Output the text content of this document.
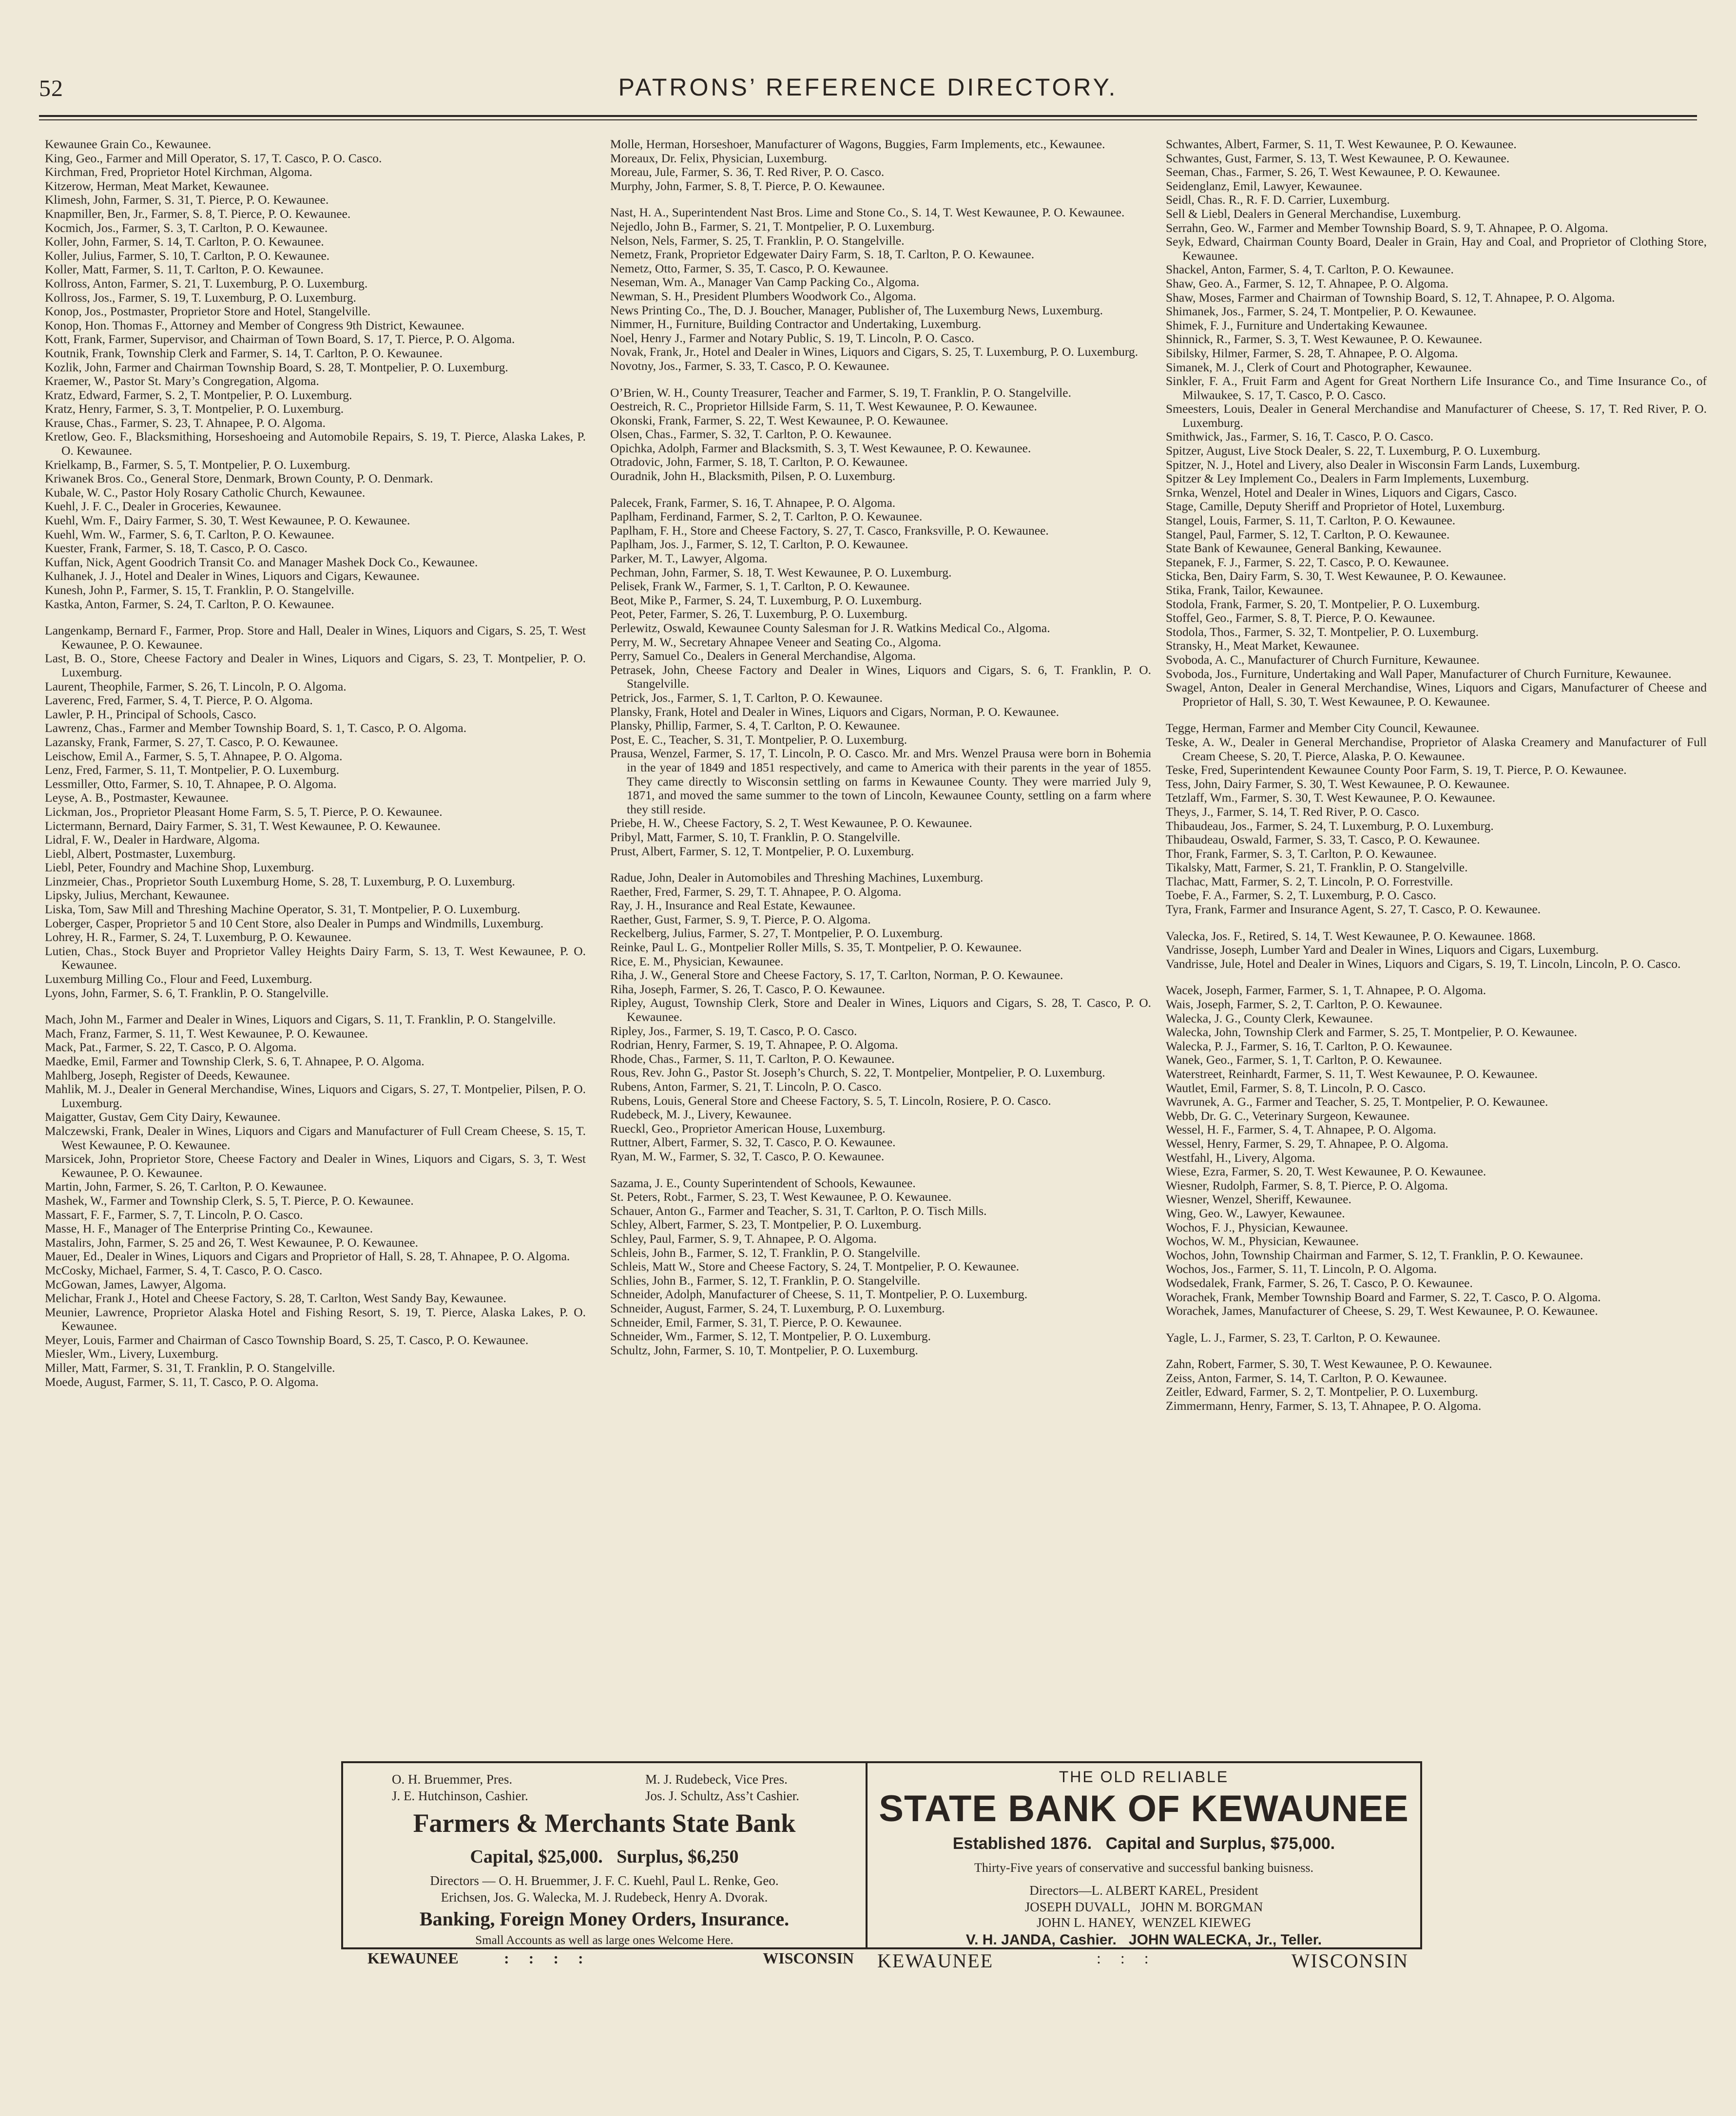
52	PATRONS’ REFERENCE DIRECTORY.
Kewaunee Grain Co., Kewaunee.
King, Geo., Farmer and Mill Operator, S. 17, T. Casco, P. O. Casco.
Kirchman, Fred, Proprietor Hotel Kirchman, Algoma.
Kitzerow, Herman, Meat Market, Kewaunee.
Klimesh, John, Farmer, S. 31, T. Pierce, P. O. Kewaunee.
Knapmiller, Ben, Jr., Farmer, S. 8, T. Pierce, P. O. Kewaunee.
Kocmich, Jos., Farmer, S. 3, T. Carlton, P. O. Kewaunee.
Koller, John, Farmer, S. 14, T. Carlton, P. O. Kewaunee.
Koller, Julius, Farmer, S. 10, T. Carlton, P. O. Kewaunee.
Koller, Matt, Farmer, S. 11, T. Carlton, P. O. Kewaunee.
Kollross, Anton, Farmer, S. 21, T. Luxemburg, P. O. Luxemburg.
Kollross, Jos., Farmer, S. 19, T. Luxemburg, P. O. Luxemburg.
Konop, Jos., Postmaster, Proprietor Store and Hotel, Stangelville.
Konop, Hon. Thomas F., Attorney and Member of Congress 9th District, Kewaunee.
Kott, Frank, Farmer, Supervisor, and Chairman of Town Board, S. 17, T. Pierce, P. O. Algoma.
Koutnik, Frank, Township Clerk and Farmer, S. 14, T. Carlton, P. O. Kewaunee.
Kozlik, John, Farmer and Chairman Township Board, S. 28, T. Montpelier, P. O. Luxemburg.
Kraemer, W., Pastor St. Mary’s Congregation, Algoma.
Kratz, Edward, Farmer, S. 2, T. Montpelier, P. O. Luxemburg.
Kratz, Henry, Farmer, S. 3, T. Montpelier, P. O. Luxemburg.
Krause, Chas., Farmer, S. 23, T. Ahnapee, P. O. Algoma.
Kretlow, Geo. F., Blacksmithing, Horseshoeing and Automobile Repairs, S. 19, T. Pierce, Alaska Lakes, P. O. Kewaunee.
Krielkamp, B., Farmer, S. 5, T. Montpelier, P. O. Luxemburg.
Kriwanek Bros. Co., General Store, Denmark, Brown County, P. O. Denmark.
Kubale, W. C., Pastor Holy Rosary Catholic Church, Kewaunee.
Kuehl, J. F. C., Dealer in Groceries, Kewaunee.
Kuehl, Wm. F., Dairy Farmer, S. 30, T. West Kewaunee, P. O. Kewaunee.
Kuehl, Wm. W., Farmer, S. 6, T. Carlton, P. O. Kewaunee.
Kuester, Frank, Farmer, S. 18, T. Casco, P. O. Casco.
Kuffan, Nick, Agent Goodrich Transit Co. and Manager Mashek Dock Co., Kewaunee.
Kulhanek, J. J., Hotel and Dealer in Wines, Liquors and Cigars, Kewaunee.
Kunesh, John P., Farmer, S. 15, T. Franklin, P. O. Stangelville.
Kastka, Anton, Farmer, S. 24, T. Carlton, P. O. Kewaunee.
Langenkamp, Bernard F., Farmer, Prop. Store and Hall, Dealer in Wines, Liquors and Cigars, S. 25, T. West Kewaunee, P. O. Kewaunee.
Last, B. O., Store, Cheese Factory and Dealer in Wines, Liquors and Cigars, S. 23, T. Montpelier, P. O. Luxemburg.
Laurent, Theophile, Farmer, S. 26, T. Lincoln, P. O. Algoma.
Laverenc, Fred, Farmer, S. 4, T. Pierce, P. O. Algoma.
Lawler, P. H., Principal of Schools, Casco.
Lawrenz, Chas., Farmer and Member Township Board, S. 1, T. Casco, P. O. Algoma.
Lazansky, Frank, Farmer, S. 27, T. Casco, P. O. Kewaunee.
Leischow, Emil A., Farmer, S. 5, T. Ahnapee, P. O. Algoma.
Lenz, Fred, Farmer, S. 11, T. Montpelier, P. O. Luxemburg.
Lessmiller, Otto, Farmer, S. 10, T. Ahnapee, P. O. Algoma.
Leyse, A. B., Postmaster, Kewaunee.
Lickman, Jos., Proprietor Pleasant Home Farm, S. 5, T. Pierce, P. O. Kewaunee.
Lictermann, Bernard, Dairy Farmer, S. 31, T. West Kewaunee, P. O. Kewaunee.
Lidral, F. W., Dealer in Hardware, Algoma.
Liebl, Albert, Postmaster, Luxemburg.
Liebl, Peter, Foundry and Machine Shop, Luxemburg.
Linzmeier, Chas., Proprietor South Luxemburg Home, S. 28, T. Luxemburg, P. O. Luxemburg.
Lipsky, Julius, Merchant, Kewaunee.
Liska, Tom, Saw Mill and Threshing Machine Operator, S. 31, T. Montpelier, P. O. Luxemburg.
Loberger, Casper, Proprietor 5 and 10 Cent Store, also Dealer in Pumps and Windmills, Luxemburg.
Lohrey, H. R., Farmer, S. 24, T. Luxemburg, P. O. Kewaunee.
Lutien, Chas., Stock Buyer and Proprietor Valley Heights Dairy Farm, S. 13, T. West Kewaunee, P. O. Kewaunee.
Luxemburg Milling Co., Flour and Feed, Luxemburg.
Lyons, John, Farmer, S. 6, T. Franklin, P. O. Stangelville.
Mach, John M., Farmer and Dealer in Wines, Liquors and Cigars, S. 11, T. Franklin, P. O. Stangelville.
Mach, Franz, Farmer, S. 11, T. West Kewaunee, P. O. Kewaunee.
Mack, Pat., Farmer, S. 22, T. Casco, P. O. Algoma.
Maedke, Emil, Farmer and Township Clerk, S. 6, T. Ahnapee, P. O. Algoma.
Mahlberg, Joseph, Register of Deeds, Kewaunee.
Mahlik, M. J., Dealer in General Merchandise, Wines, Liquors and Cigars, S. 27, T. Montpelier, Pilsen, P. O. Luxemburg.
Maigatter, Gustav, Gem City Dairy, Kewaunee.
Malczewski, Frank, Dealer in Wines, Liquors and Cigars and Manufacturer of Full Cream Cheese, S. 15, T. West Kewaunee, P. O. Kewaunee.
Marsicek, John, Proprietor Store, Cheese Factory and Dealer in Wines, Liquors and Cigars, S. 3, T. West Kewaunee, P. O. Kewaunee.
Martin, John, Farmer, S. 26, T. Carlton, P. O. Kewaunee.
Mashek, W., Farmer and Township Clerk, S. 5, T. Pierce, P. O. Kewaunee.
Massart, F. F., Farmer, S. 7, T. Lincoln, P. O. Casco.
Masse, H. F., Manager of The Enterprise Printing Co., Kewaunee.
Mastalirs, John, Farmer, S. 25 and 26, T. West Kewaunee, P. O. Kewaunee.
Mauer, Ed., Dealer in Wines, Liquors and Cigars and Proprietor of Hall, S. 28, T. Ahnapee, P. O. Algoma.
McCosky, Michael, Farmer, S. 4, T. Casco, P. O. Casco.
McGowan, James, Lawyer, Algoma.
Melichar, Frank J., Hotel and Cheese Factory, S. 28, T. Carlton, West Sandy Bay, Kewaunee.
Meunier, Lawrence, Proprietor Alaska Hotel and Fishing Resort, S. 19, T. Pierce, Alaska Lakes, P. O. Kewaunee.
Meyer, Louis, Farmer and Chairman of Casco Township Board, S. 25, T. Casco, P. O. Kewaunee.
Miesler, Wm., Livery, Luxemburg.
Miller, Matt, Farmer, S. 31, T. Franklin, P. O. Stangelville.
Moede, August, Farmer, S. 11, T. Casco, P. O. Algoma.
Molle, Herman, Horseshoer, Manufacturer of Wagons, Buggies, Farm Implements, etc., Kewaunee.
Moreaux, Dr. Felix, Physician, Luxemburg.
Moreau, Jule, Farmer, S. 36, T. Red River, P. O. Casco.
Murphy, John, Farmer, S. 8, T. Pierce, P. O. Kewaunee.
Nast, H. A., Superintendent Nast Bros. Lime and Stone Co., S. 14, T. West Kewaunee, P. O. Kewaunee.
Nejedlo, John B., Farmer, S. 21, T. Montpelier, P. O. Luxemburg.
Nelson, Nels, Farmer, S. 25, T. Franklin, P. O. Stangelville.
Nemetz, Frank, Proprietor Edgewater Dairy Farm, S. 18, T. Carlton, P. O. Kewaunee.
Nemetz, Otto, Farmer, S. 35, T. Casco, P. O. Kewaunee.
Neseman, Wm. A., Manager Van Camp Packing Co., Algoma.
Newman, S. H., President Plumbers Woodwork Co., Algoma.
News Printing Co., The, D. J. Boucher, Manager, Publisher of, The Luxemburg News, Luxemburg.
Nimmer, H., Furniture, Building Contractor and Undertaking, Luxemburg.
Noel, Henry J., Farmer and Notary Public, S. 19, T. Lincoln, P. O. Casco.
Novak, Frank, Jr., Hotel and Dealer in Wines, Liquors and Cigars, S. 25, T. Luxemburg, P. O. Luxemburg.
Novotny, Jos., Farmer, S. 33, T. Casco, P. O. Kewaunee.
O’Brien, W. H., County Treasurer, Teacher and Farmer, S. 19, T. Franklin, P. O. Stangelville.
Oestreich, R. C., Proprietor Hillside Farm, S. 11, T. West Kewaunee, P. O. Kewaunee.
Okonski, Frank, Farmer, S. 22, T. West Kewaunee, P. O. Kewaunee.
Olsen, Chas., Farmer, S. 32, T. Carlton, P. O. Kewaunee.
Opichka, Adolph, Farmer and Blacksmith, S. 3, T. West Kewaunee, P. O. Kewaunee.
Otradovic, John, Farmer, S. 18, T. Carlton, P. O. Kewaunee.
Ouradnik, John H., Blacksmith, Pilsen, P. O. Luxemburg.
Palecek, Frank, Farmer, S. 16, T. Ahnapee, P. O. Algoma.
Paplham, Ferdinand, Farmer, S. 2, T. Carlton, P. O. Kewaunee.
Paplham, F. H., Store and Cheese Factory, S. 27, T. Casco, Franksville, P. O. Kewaunee.
Paplham, Jos. J., Farmer, S. 12, T. Carlton, P. O. Kewaunee.
Parker, M. T., Lawyer, Algoma.
Pechman, John, Farmer, S. 18, T. West Kewaunee, P. O. Luxemburg.
Pelisek, Frank W., Farmer, S. 1, T. Carlton, P. O. Kewaunee.
Beot, Mike P., Farmer, S. 24, T. Luxemburg, P. O. Luxemburg.
Peot, Peter, Farmer, S. 26, T. Luxemburg, P. O. Luxemburg.
Perlewitz, Oswald, Kewaunee County Salesman for J. R. Watkins Medical Co., Algoma.
Perry, M. W., Secretary Ahnapee Veneer and Seating Co., Algoma.
Perry, Samuel Co., Dealers in General Merchandise, Algoma.
Petrasek, John, Cheese Factory and Dealer in Wines, Liquors and Cigars, S. 6, T. Franklin, P. O. Stangelville.
Petrick, Jos., Farmer, S. 1, T. Carlton, P. O. Kewaunee.
Plansky, Frank, Hotel and Dealer in Wines, Liquors and Cigars, Norman, P. O. Kewaunee.
Plansky, Phillip, Farmer, S. 4, T. Carlton, P. O. Kewaunee.
Post, E. C., Teacher, S. 31, T. Montpelier, P. O. Luxemburg.
Prausa, Wenzel, Farmer, S. 17, T. Lincoln, P. O. Casco. Mr. and Mrs. Wenzel Prausa were born in Bohemia in the year of 1849 and 1851 respectively, and came to America with their parents in the year of 1855. They came directly to Wisconsin settling on farms in Kewaunee County. They were married July 9, 1871, and moved the same summer to the town of Lincoln, Kewaunee County, settling on a farm where they still reside.
Priebe, H. W., Cheese Factory, S. 2, T. West Kewaunee, P. O. Kewaunee.
Pribyl, Matt, Farmer, S. 10, T. Franklin, P. O. Stangelville.
Prust, Albert, Farmer, S. 12, T. Montpelier, P. O. Luxemburg.
Radue, John, Dealer in Automobiles and Threshing Machines, Luxemburg.
Raether, Fred, Farmer, S. 29, T. T. Ahnapee, P. O. Algoma.
Ray, J. H., Insurance and Real Estate, Kewaunee.
Raether, Gust, Farmer, S. 9, T. Pierce, P. O. Algoma.
Reckelberg, Julius, Farmer, S. 27, T. Montpelier, P. O. Luxemburg.
Reinke, Paul L. G., Montpelier Roller Mills, S. 35, T. Montpelier, P. O. Kewaunee.
Rice, E. M., Physician, Kewaunee.
Riha, J. W., General Store and Cheese Factory, S. 17, T. Carlton, Norman, P. O. Kewaunee.
Riha, Joseph, Farmer, S. 26, T. Casco, P. O. Kewaunee.
Ripley, August, Township Clerk, Store and Dealer in Wines, Liquors and Cigars, S. 28, T. Casco, P. O. Kewaunee.
Ripley, Jos., Farmer, S. 19, T. Casco, P. O. Casco.
Rodrian, Henry, Farmer, S. 19, T. Ahnapee, P. O. Algoma.
Rhode, Chas., Farmer, S. 11, T. Carlton, P. O. Kewaunee.
Rous, Rev. John G., Pastor St. Joseph’s Church, S. 22, T. Montpelier, Montpelier, P. O. Luxemburg.
Rubens, Anton, Farmer, S. 21, T. Lincoln, P. O. Casco.
Rubens, Louis, General Store and Cheese Factory, S. 5, T. Lincoln, Rosiere, P. O. Casco.
Rudebeck, M. J., Livery, Kewaunee.
Rueckl, Geo., Proprietor American House, Luxemburg.
Ruttner, Albert, Farmer, S. 32, T. Casco, P. O. Kewaunee.
Ryan, M. W., Farmer, S. 32, T. Casco, P. O. Kewaunee.
Sazama, J. E., County Superintendent of Schools, Kewaunee.
St. Peters, Robt., Farmer, S. 23, T. West Kewaunee, P. O. Kewaunee.
Schauer, Anton G., Farmer and Teacher, S. 31, T. Carlton, P. O. Tisch Mills.
Schley, Albert, Farmer, S. 23, T. Montpelier, P. O. Luxemburg.
Schley, Paul, Farmer, S. 9, T. Ahnapee, P. O. Algoma.
Schleis, John B., Farmer, S. 12, T. Franklin, P. O. Stangelville.
Schleis, Matt W., Store and Cheese Factory, S. 24, T. Montpelier, P. O. Kewaunee.
Schlies, John B., Farmer, S. 12, T. Franklin, P. O. Stangelville.
Schneider, Adolph, Manufacturer of Cheese, S. 11, T. Montpelier, P. O. Luxemburg.
Schneider, August, Farmer, S. 24, T. Luxemburg, P. O. Luxemburg.
Schneider, Emil, Farmer, S. 31, T. Pierce, P. O. Kewaunee.
Schneider, Wm., Farmer, S. 12, T. Montpelier, P. O. Luxemburg.
Schultz, John, Farmer, S. 10, T. Montpelier, P. O. Luxemburg.
Schwantes, Albert, Farmer, S. 11, T. West Kewaunee, P. O. Kewaunee.
Schwantes, Gust, Farmer, S. 13, T. West Kewaunee, P. O. Kewaunee.
Seeman, Chas., Farmer, S. 26, T. West Kewaunee, P. O. Kewaunee.
Seidenglanz, Emil, Lawyer, Kewaunee.
Seidl, Chas. R., R. F. D. Carrier, Luxemburg.
Sell & Liebl, Dealers in General Merchandise, Luxemburg.
Serrahn, Geo. W., Farmer and Member Township Board, S. 9, T. Ahnapee, P. O. Algoma.
Seyk, Edward, Chairman County Board, Dealer in Grain, Hay and Coal, and Proprietor of Clothing Store, Kewaunee.
Shackel, Anton, Farmer, S. 4, T. Carlton, P. O. Kewaunee.
Shaw, Geo. A., Farmer, S. 12, T. Ahnapee, P. O. Algoma.
Shaw, Moses, Farmer and Chairman of Township Board, S. 12, T. Ahnapee, P. O. Algoma.
Shimanek, Jos., Farmer, S. 24, T. Montpelier, P. O. Kewaunee.
Shimek, F. J., Furniture and Undertaking Kewaunee.
Shinnick, R., Farmer, S. 3, T. West Kewaunee, P. O. Kewaunee.
Sibilsky, Hilmer, Farmer, S. 28, T. Ahnapee, P. O. Algoma.
Simanek, M. J., Clerk of Court and Photographer, Kewaunee.
Sinkler, F. A., Fruit Farm and Agent for Great Northern Life Insurance Co., and Time Insurance Co., of Milwaukee, S. 17, T. Casco, P. O. Casco.
Smeesters, Louis, Dealer in General Merchandise and Manufacturer of Cheese, S. 17, T. Red River, P. O. Luxemburg.
Smithwick, Jas., Farmer, S. 16, T. Casco, P. O. Casco.
Spitzer, August, Live Stock Dealer, S. 22, T. Luxemburg, P. O. Luxemburg.
Spitzer, N. J., Hotel and Livery, also Dealer in Wisconsin Farm Lands, Luxemburg.
Spitzer & Ley Implement Co., Dealers in Farm Implements, Luxemburg.
Srnka, Wenzel, Hotel and Dealer in Wines, Liquors and Cigars, Casco.
Stage, Camille, Deputy Sheriff and Proprietor of Hotel, Luxemburg.
Stangel, Louis, Farmer, S. 11, T. Carlton, P. O. Kewaunee.
Stangel, Paul, Farmer, S. 12, T. Carlton, P. O. Kewaunee.
State Bank of Kewaunee, General Banking, Kewaunee.
Stepanek, F. J., Farmer, S. 22, T. Casco, P. O. Kewaunee.
Sticka, Ben, Dairy Farm, S. 30, T. West Kewaunee, P. O. Kewaunee.
Stika, Frank, Tailor, Kewaunee.
Stodola, Frank, Farmer, S. 20, T. Montpelier, P. O. Luxemburg.
Stoffel, Geo., Farmer, S. 8, T. Pierce, P. O. Kewaunee.
Stodola, Thos., Farmer, S. 32, T. Montpelier, P. O. Luxemburg.
Stransky, H., Meat Market, Kewaunee.
Svoboda, A. C., Manufacturer of Church Furniture, Kewaunee.
Svoboda, Jos., Furniture, Undertaking and Wall Paper, Manufacturer of Church Furniture, Kewaunee.
Swagel, Anton, Dealer in General Merchandise, Wines, Liquors and Cigars, Manufacturer of Cheese and Proprietor of Hall, S. 30, T. West Kewaunee, P. O. Kewaunee.
Tegge, Herman, Farmer and Member City Council, Kewaunee.
Teske, A. W., Dealer in General Merchandise, Proprietor of Alaska Creamery and Manufacturer of Full Cream Cheese, S. 20, T. Pierce, Alaska, P. O. Kewaunee.
Teske, Fred, Superintendent Kewaunee County Poor Farm, S. 19, T. Pierce, P. O. Kewaunee.
Tess, John, Dairy Farmer, S. 30, T. West Kewaunee, P. O. Kewaunee.
Tetzlaff, Wm., Farmer, S. 30, T. West Kewaunee, P. O. Kewaunee.
Theys, J., Farmer, S. 14, T. Red River, P. O. Casco.
Thibaudeau, Jos., Farmer, S. 24, T. Luxemburg, P. O. Luxemburg.
Thibaudeau, Oswald, Farmer, S. 33, T. Casco, P. O. Kewaunee.
Thor, Frank, Farmer, S. 3, T. Carlton, P. O. Kewaunee.
Tikalsky, Matt, Farmer, S. 21, T. Franklin, P. O. Stangelville.
Tlachac, Matt, Farmer, S. 2, T. Lincoln, P. O. Forrestville.
Toebe, F. A., Farmer, S. 2, T. Luxemburg, P. O. Casco.
Tyra, Frank, Farmer and Insurance Agent, S. 27, T. Casco, P. O. Kewaunee.
Valecka, Jos. F., Retired, S. 14, T. West Kewaunee, P. O. Kewaunee. 1868.
Vandrisse, Joseph, Lumber Yard and Dealer in Wines, Liquors and Cigars, Luxemburg.
Vandrisse, Jule, Hotel and Dealer in Wines, Liquors and Cigars, S. 19, T. Lincoln, Lincoln, P. O. Casco.
Wacek, Joseph, Farmer, Farmer, S. 1, T. Ahnapee, P. O. Algoma.
Wais, Joseph, Farmer, S. 2, T. Carlton, P. O. Kewaunee.
Walecka, J. G., County Clerk, Kewaunee.
Walecka, John, Township Clerk and Farmer, S. 25, T. Montpelier, P. O. Kewaunee.
Walecka, P. J., Farmer, S. 16, T. Carlton, P. O. Kewaunee.
Wanek, Geo., Farmer, S. 1, T. Carlton, P. O. Kewaunee.
Waterstreet, Reinhardt, Farmer, S. 11, T. West Kewaunee, P. O. Kewaunee.
Wautlet, Emil, Farmer, S. 8, T. Lincoln, P. O. Casco.
Wavrunek, A. G., Farmer and Teacher, S. 25, T. Montpelier, P. O. Kewaunee.
Webb, Dr. G. C., Veterinary Surgeon, Kewaunee.
Wessel, H. F., Farmer, S. 4, T. Ahnapee, P. O. Algoma.
Wessel, Henry, Farmer, S. 29, T. Ahnapee, P. O. Algoma.
Westfahl, H., Livery, Algoma.
Wiese, Ezra, Farmer, S. 20, T. West Kewaunee, P. O. Kewaunee.
Wiesner, Rudolph, Farmer, S. 8, T. Pierce, P. O. Algoma.
Wiesner, Wenzel, Sheriff, Kewaunee.
Wing, Geo. W., Lawyer, Kewaunee.
Wochos, F. J., Physician, Kewaunee.
Wochos, W. M., Physician, Kewaunee.
Wochos, John, Township Chairman and Farmer, S. 12, T. Franklin, P. O. Kewaunee.
Wochos, Jos., Farmer, S. 11, T. Lincoln, P. O. Algoma.
Wodsedalek, Frank, Farmer, S. 26, T. Casco, P. O. Kewaunee.
Worachek, Frank, Member Township Board and Farmer, S. 22, T. Casco, P. O. Algoma.
Worachek, James, Manufacturer of Cheese, S. 29, T. West Kewaunee, P. O. Kewaunee.
Yagle, L. J., Farmer, S. 23, T. Carlton, P. O. Kewaunee.
Zahn, Robert, Farmer, S. 30, T. West Kewaunee, P. O. Kewaunee.
Zeiss, Anton, Farmer, S. 14, T. Carlton, P. O. Kewaunee.
Zeitler, Edward, Farmer, S. 2, T. Montpelier, P. O. Luxemburg.
Zimmermann, Henry, Farmer, S. 13, T. Ahnapee, P. O. Algoma.
O. H. Bruemmer, Pres.	M. J. Rudebeck, Vice Pres.
J. E. Hutchinson, Cashier.	Jos. J. Schultz, Ass’t Cashier.
Farmers & Merchants State Bank
Capital, $25,000. Surplus, $6,250
Directors — O. H. Bruemmer, J. F. C. Kuehl, Paul L. Renke, Geo.
Erichsen, Jos. G. Walecka, M. J. Rudebeck, Henry A. Dvorak.
Banking, Foreign Money Orders, Insurance.
Small Accounts as well as large ones Welcome Here.
KEWAUNEE	:     :     :     :	WISCONSIN
THE OLD RELIABLE
STATE BANK OF KEWAUNEE
Established 1876. Capital and Surplus, $75,000.
Thirty-Five years of conservative and successful banking buisness.
Directors—L. ALBERT KAREL, President
JOSEPH DUVALL,   JOHN M. BORGMAN
JOHN L. HANEY,  WENZEL KIEWEG
V. H. JANDA, Cashier.   JOHN WALECKA, Jr., Teller.
KEWAUNEE	:     :     :	WISCONSIN
